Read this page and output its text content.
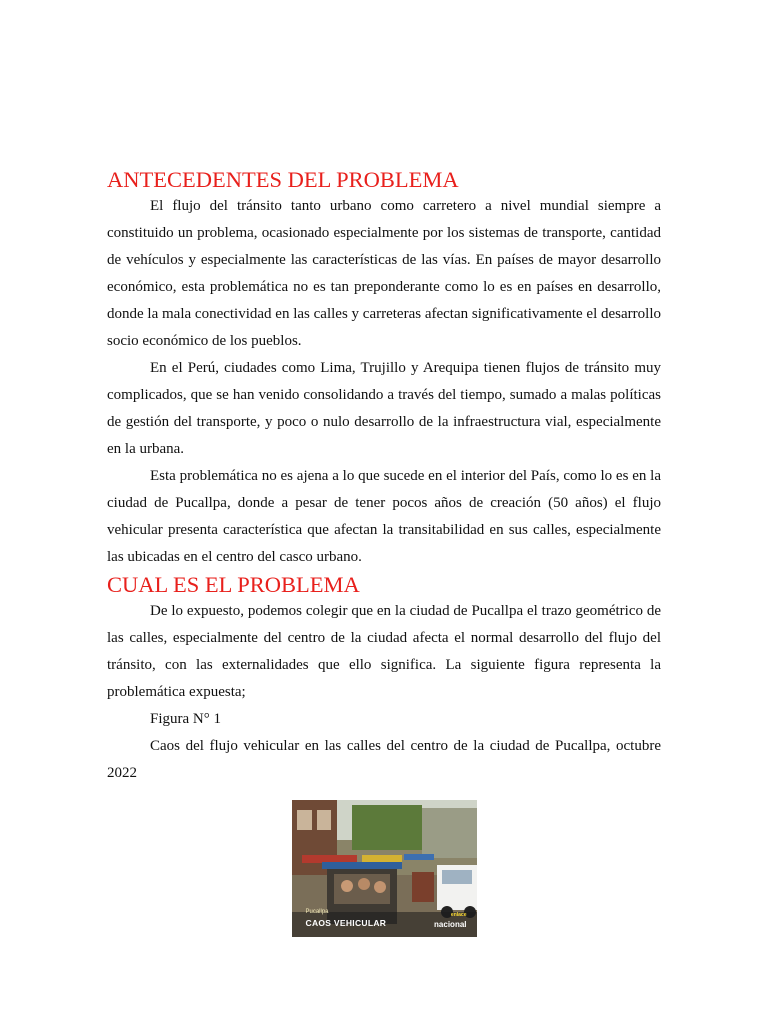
ANTECEDENTES DEL PROBLEMA

El flujo del tránsito tanto urbano como carretero a nivel mundial siempre a constituido un problema, ocasionado especialmente por los sistemas de transporte, cantidad de vehículos y especialmente las características de las vías. En países de mayor desarrollo económico, esta problemática no es tan preponderante como lo es en países en desarrollo, donde la mala conectividad en las calles y carreteras afectan significativamente el desarrollo socio económico de los pueblos.

En el Perú, ciudades como Lima, Trujillo y Arequipa tienen flujos de tránsito muy complicados, que se han venido consolidando a través del tiempo, sumado a malas políticas de gestión del transporte, y poco o nulo desarrollo de la infraestructura vial, especialmente en la urbana.

Esta problemática no es ajena a lo que sucede en el interior del País, como lo es en la ciudad de Pucallpa, donde a pesar de tener pocos años de creación (50 años) el flujo vehicular presenta característica que afectan la transitabilidad en sus calles, especialmente las ubicadas en el centro del casco urbano.

CUAL ES EL PROBLEMA

De lo expuesto, podemos colegir que en la ciudad de Pucallpa el trazo geométrico de las calles, especialmente del centro de la ciudad afecta el normal desarrollo del flujo del tránsito, con las externalidades que ello significa. La siguiente figura representa la problemática expuesta;

Figura N° 1

Caos del flujo vehicular en las calles del centro de la ciudad de Pucallpa, octubre 2022

Pucallpa
CAOS VEHICULAR
enlace
nacional
